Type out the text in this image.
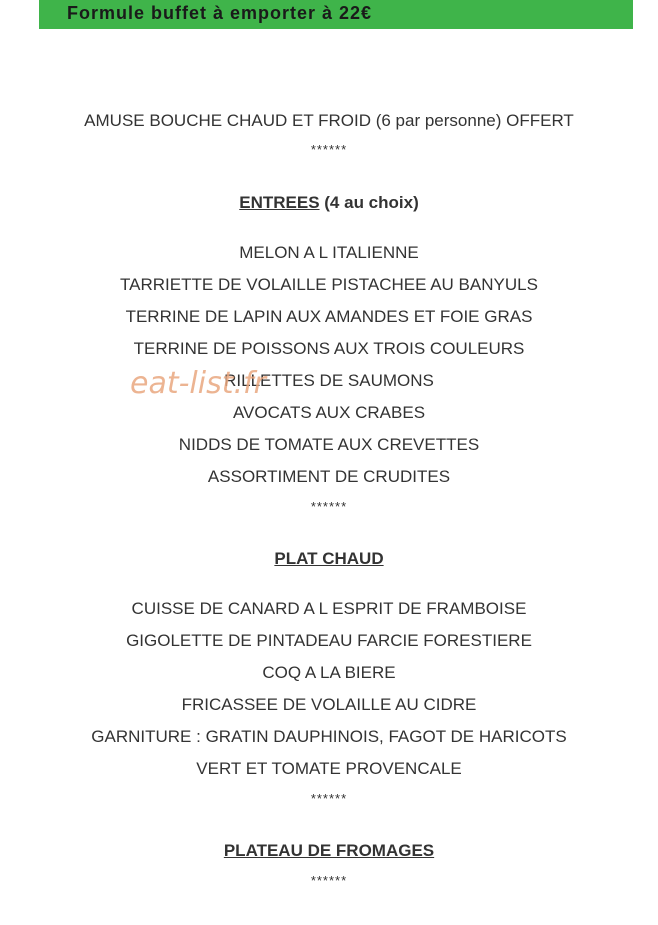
Formule buffet à emporter à 22€
AMUSE BOUCHE CHAUD ET FROID (6 par personne) OFFERT
******
ENTREES (4 au choix)
MELON A L ITALIENNE
TARRIETTE DE VOLAILLE PISTACHEE AU BANYULS
TERRINE DE LAPIN AUX AMANDES ET FOIE GRAS
TERRINE DE POISSONS AUX TROIS COULEURS
RILLETTES DE SAUMONS
AVOCATS AUX CRABES
NIDDS DE TOMATE AUX CREVETTES
ASSORTIMENT DE CRUDITES
******
PLAT CHAUD
CUISSE DE CANARD A L ESPRIT DE FRAMBOISE
GIGOLETTE DE PINTADEAU FARCIE FORESTIERE
COQ A LA BIERE
FRICASSEE DE VOLAILLE AU CIDRE
GARNITURE : GRATIN DAUPHINOIS, FAGOT DE HARICOTS
VERT ET TOMATE PROVENCALE
******
PLATEAU DE FROMAGES
******
eat-list.fr
